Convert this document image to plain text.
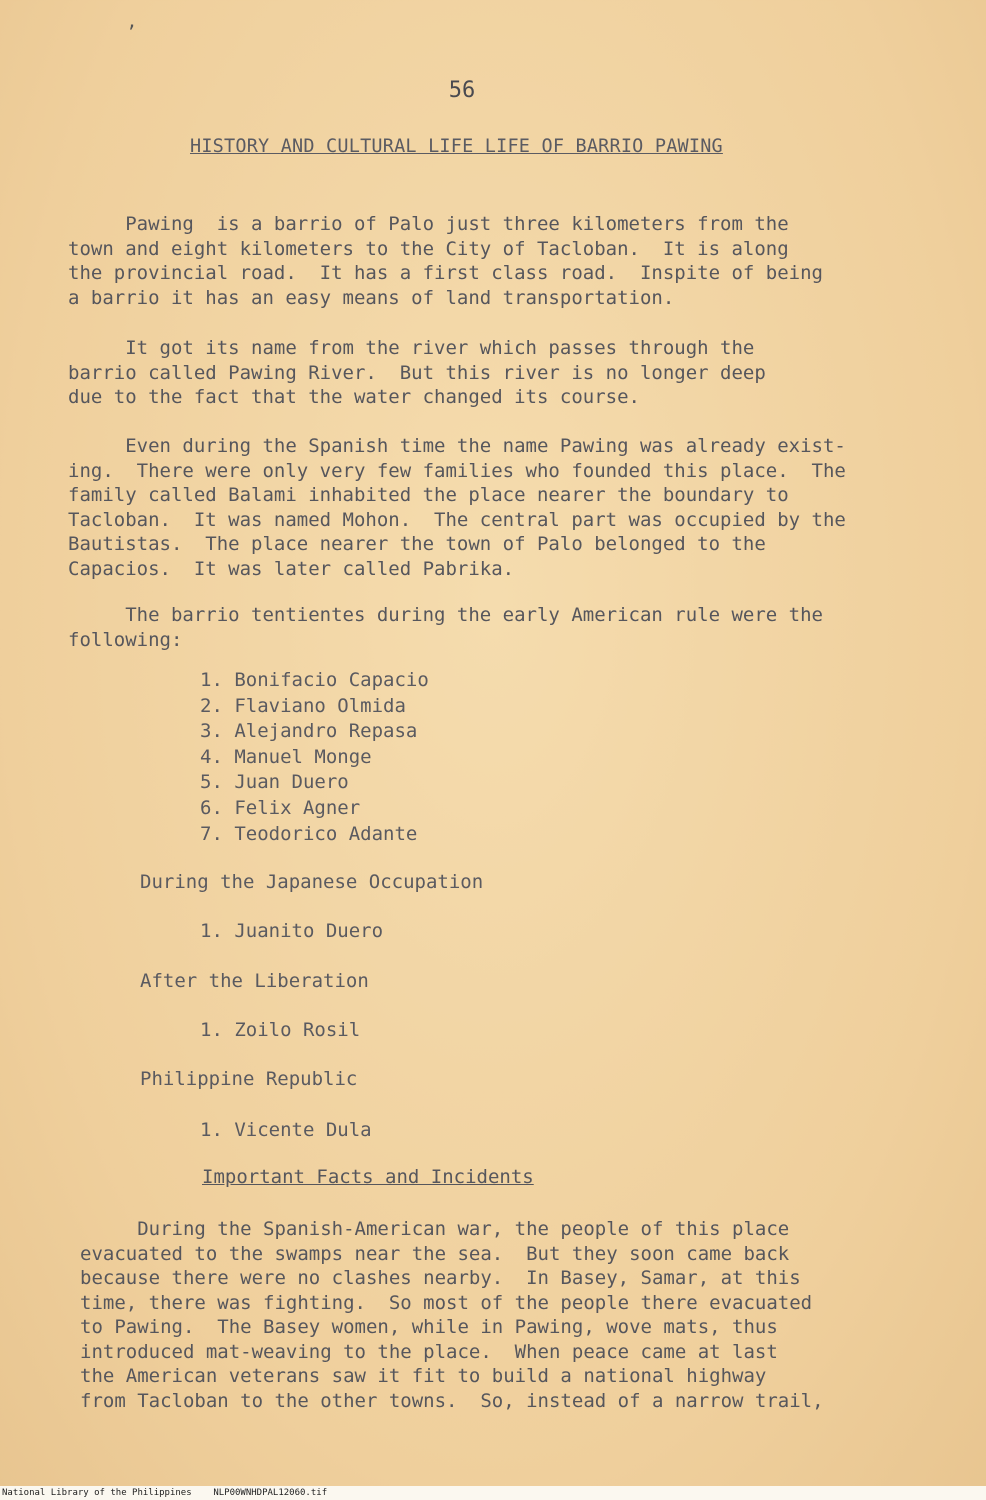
’
56
HISTORY AND CULTURAL LIFE LIFE OF BARRIO PAWING

Pawing  is a barrio of Palo just three kilometers from the
town and eight kilometers to the City of Tacloban.  It is along
the provincial road.  It has a first class road.  Inspite of being
a barrio it has an easy means of land transportation.

It got its name from the river which passes through the
barrio called Pawing River.  But this river is no longer deep
due to the fact that the water changed its course.

Even during the Spanish time the name Pawing was already exist-
ing.  There were only very few families who founded this place.  The
family called Balami inhabited the place nearer the boundary to
Tacloban.  It was named Mohon.  The central part was occupied by the
Bautistas.  The place nearer the town of Palo belonged to the
Capacios.  It was later called Pabrika.

The barrio tentientes during the early American rule were the
following:

1. Bonifacio Capacio
2. Flaviano Olmida
3. Alejandro Repasa
4. Manuel Monge
5. Juan Duero
6. Felix Agner
7. Teodorico Adante
During the Japanese Occupation
1. Juanito Duero
After the Liberation
1. Zoilo Rosil
Philippine Republic
1. Vicente Dula
Important Facts and Incidents

During the Spanish-American war, the people of this place
evacuated to the swamps near the sea.  But they soon came back
because there were no clashes nearby.  In Basey, Samar, at this
time, there was fighting.  So most of the people there evacuated
to Pawing.  The Basey women, while in Pawing, wove mats, thus
introduced mat-weaving to the place.  When peace came at last
the American veterans saw it fit to build a national highway
from Tacloban to the other towns.  So, instead of a narrow trail,

National Library of the Philippines    NLP00WNHDPAL12060.tif
